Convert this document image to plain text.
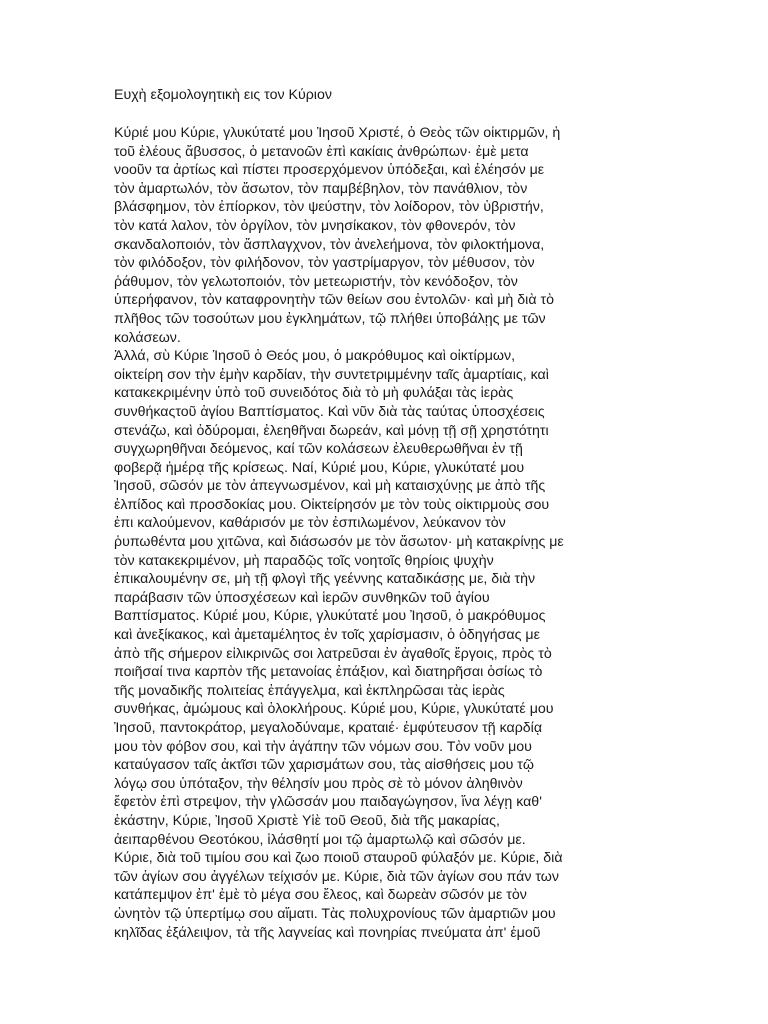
Ευχὴ εξομολογητικὴ εις τον Κύριον
Κύριέ μου Κύριε, γλυκύτατέ μου Ἰησοῦ Χριστέ, ὁ Θεὸς τῶν οἰκτιρμῶν, ἡ
τοῦ ἐλέους ἄβυσσος, ὁ μετανοῶν ἐπὶ κακίαις ἀνθρώπων· ἐμὲ μετα
νοοῦν τα ἀρτίως καὶ πίστει προσερχόμενον ὑπόδεξαι, καὶ ἐλέησόν με
τὸν ἁμαρτωλόν, τὸν ἄσωτον, τὸν παμβέβηλον, τὸν πανάθλιον, τὸν
βλάσφημον, τὸν ἐπίορκον, τὸν ψεύστην, τὸν λοίδορον, τὸν ὑβριστήν,
τὸν κατά λαλον, τὸν ὀργίλον, τὸν μνησίκακον, τὸν φθονερόν, τὸν
σκανδαλοποιόν, τὸν ἄσπλαγχνον, τὸν ἀνελεήμονα, τὸν φιλοκτήμονα,
τὸν φιλόδοξον, τὸν φιλήδονον, τὸν γαστρίμαργον, τὸν μέθυσον, τὸν
ῥάθυμον, τὸν γελωτοποιόν, τὸν μετεωριστήν, τὸν κενόδοξον, τὸν
ὑπερήφανον, τὸν καταφρονητὴν τῶν θείων σου ἐντολῶν· καὶ μὴ διὰ τὸ
πλῆθος τῶν τοσούτων μου ἐγκλημάτων, τῷ πλήθει ὑποβάλῃς με τῶν
κολάσεων.
Ἀλλά, σὺ Κύριε Ἰησοῦ ὁ Θεός μου, ὁ μακρόθυμος καὶ οἰκτίρμων,
οἰκτείρη σον τὴν ἐμὴν καρδίαν, τὴν συντετριμμένην ταῖς ἁμαρτίαις, καὶ
κατακεκριμένην ὑπὸ τοῦ συνειδότος διὰ τὸ μὴ φυλάξαι τὰς ἱερὰς
συνθήκαςτοῦ ἁγίου Βαπτίσματος. Καὶ νῦν διὰ τὰς ταύτας ὑποσχέσεις
στενάζω, καὶ ὀδύρομαι, ἐλεηθῆναι δωρεάν, καὶ μόνῃ τῇ σῇ χρηστότητι
συγχωρηθῆναι δεόμενος, καί τῶν κολάσεων ἐλευθερωθῆναι ἐν τῇ
φοβερᾷ ἡμέρᾳ τῆς κρίσεως. Ναί, Κύριέ μου, Κύριε, γλυκύτατέ μου
Ἰησοῦ, σῶσόν με τὸν ἀπεγνωσμένον, καὶ μὴ καταισχύνῃς με ἀπὸ τῆς
ἐλπίδος καὶ προσδοκίας μου. Οἰκτείρησόν με τὸν τοὺς οἰκτιρμοὺς σου
ἐπι καλούμενον, καθάρισόν με τὸν ἐσπιλωμένον, λεύκανον τὸν
ῥυπωθέντα μου χιτῶνα, καὶ διάσωσόν με τὸν ἄσωτον· μὴ κατακρίνῃς με
τὸν κατακεκριμένον, μὴ παραδῷς τοῖς νοητοῖς θηρίοις ψυχὴν
ἐπικαλουμένην σε, μὴ τῇ φλογὶ τῆς γεέννης καταδικάσῃς με, διὰ τὴν
παράβασιν τῶν ὑποσχέσεων καὶ ἱερῶν συνθηκῶν τοῦ ἁγίου
Βαπτίσματος. Κύριέ μου, Κύριε, γλυκύτατέ μου Ἰησοῦ, ὁ μακρόθυμος
καὶ ἀνεξίκακος, καὶ ἀμεταμέλητος ἐν τοῖς χαρίσμασιν, ὁ ὁδηγήσας με
ἀπὸ τῆς σήμερον εἰλικρινῶς σοι λατρεῦσαι ἐν ἀγαθοῖς ἔργοις, πρὸς τὸ
ποιῆσαί τινα καρπὸν τῆς μετανοίας ἐπάξιον, καὶ διατηρῆσαι ὁσίως τὸ
τῆς μοναδικῆς πολιτείας ἐπάγγελμα, καὶ ἐκπληρῶσαι τὰς ἱερὰς
συνθήκας, ἀμώμους καὶ ὁλοκλήρους. Κύριέ μου, Κύριε, γλυκύτατέ μου
Ἰησοῦ, παντοκράτορ, μεγαλοδύναμε, κραταιέ· ἐμφύτευσον τῇ καρδίᾳ
μου τὸν φόβον σου, καὶ τὴν ἀγάπην τῶν νόμων σου. Τὸν νοῦν μου
καταύγασον ταῖς ἀκτῖσι τῶν χαρισμάτων σου, τὰς αἰσθήσεις μου τῷ
λόγῳ σου ὑπόταξον, τὴν θέλησίν μου πρὸς σὲ τὸ μόνον ἀληθινὸν
ἔφετὸν ἐπὶ στρεψον, τὴν γλῶσσάν μου παιδαγώγησον, ἵνα λέγῃ καθ'
ἑκάστην, Κύριε, Ἰησοῦ Χριστὲ Υἱὲ τοῦ Θεοῦ, διὰ τῆς μακαρίας,
ἀειπαρθένου Θεοτόκου, ἱλάσθητί μοι τῷ ἁμαρτωλῷ καὶ σῶσόν με.
Κύριε, διὰ τοῦ τιμίου σου καὶ ζωο ποιοῦ σταυροῦ φύλαξόν με. Κύριε, διὰ
τῶν ἁγίων σου ἀγγέλων τείχισόν με. Κύριε, διὰ τῶν ἁγίων σου πάν των
κατάπεμψον ἐπ' ἐμὲ τὸ μέγα σου ἔλεος, καὶ δωρεὰν σῶσόν με τὸν
ὠνητὸν τῷ ὑπερτίμῳ σου αἵματι. Τὰς πολυχρονίους τῶν ἁμαρτιῶν μου
κηλῖδας ἐξάλειψον, τὰ τῆς λαγνείας καὶ πονηρίας πνεύματα ἀπ' ἐμοῦ
